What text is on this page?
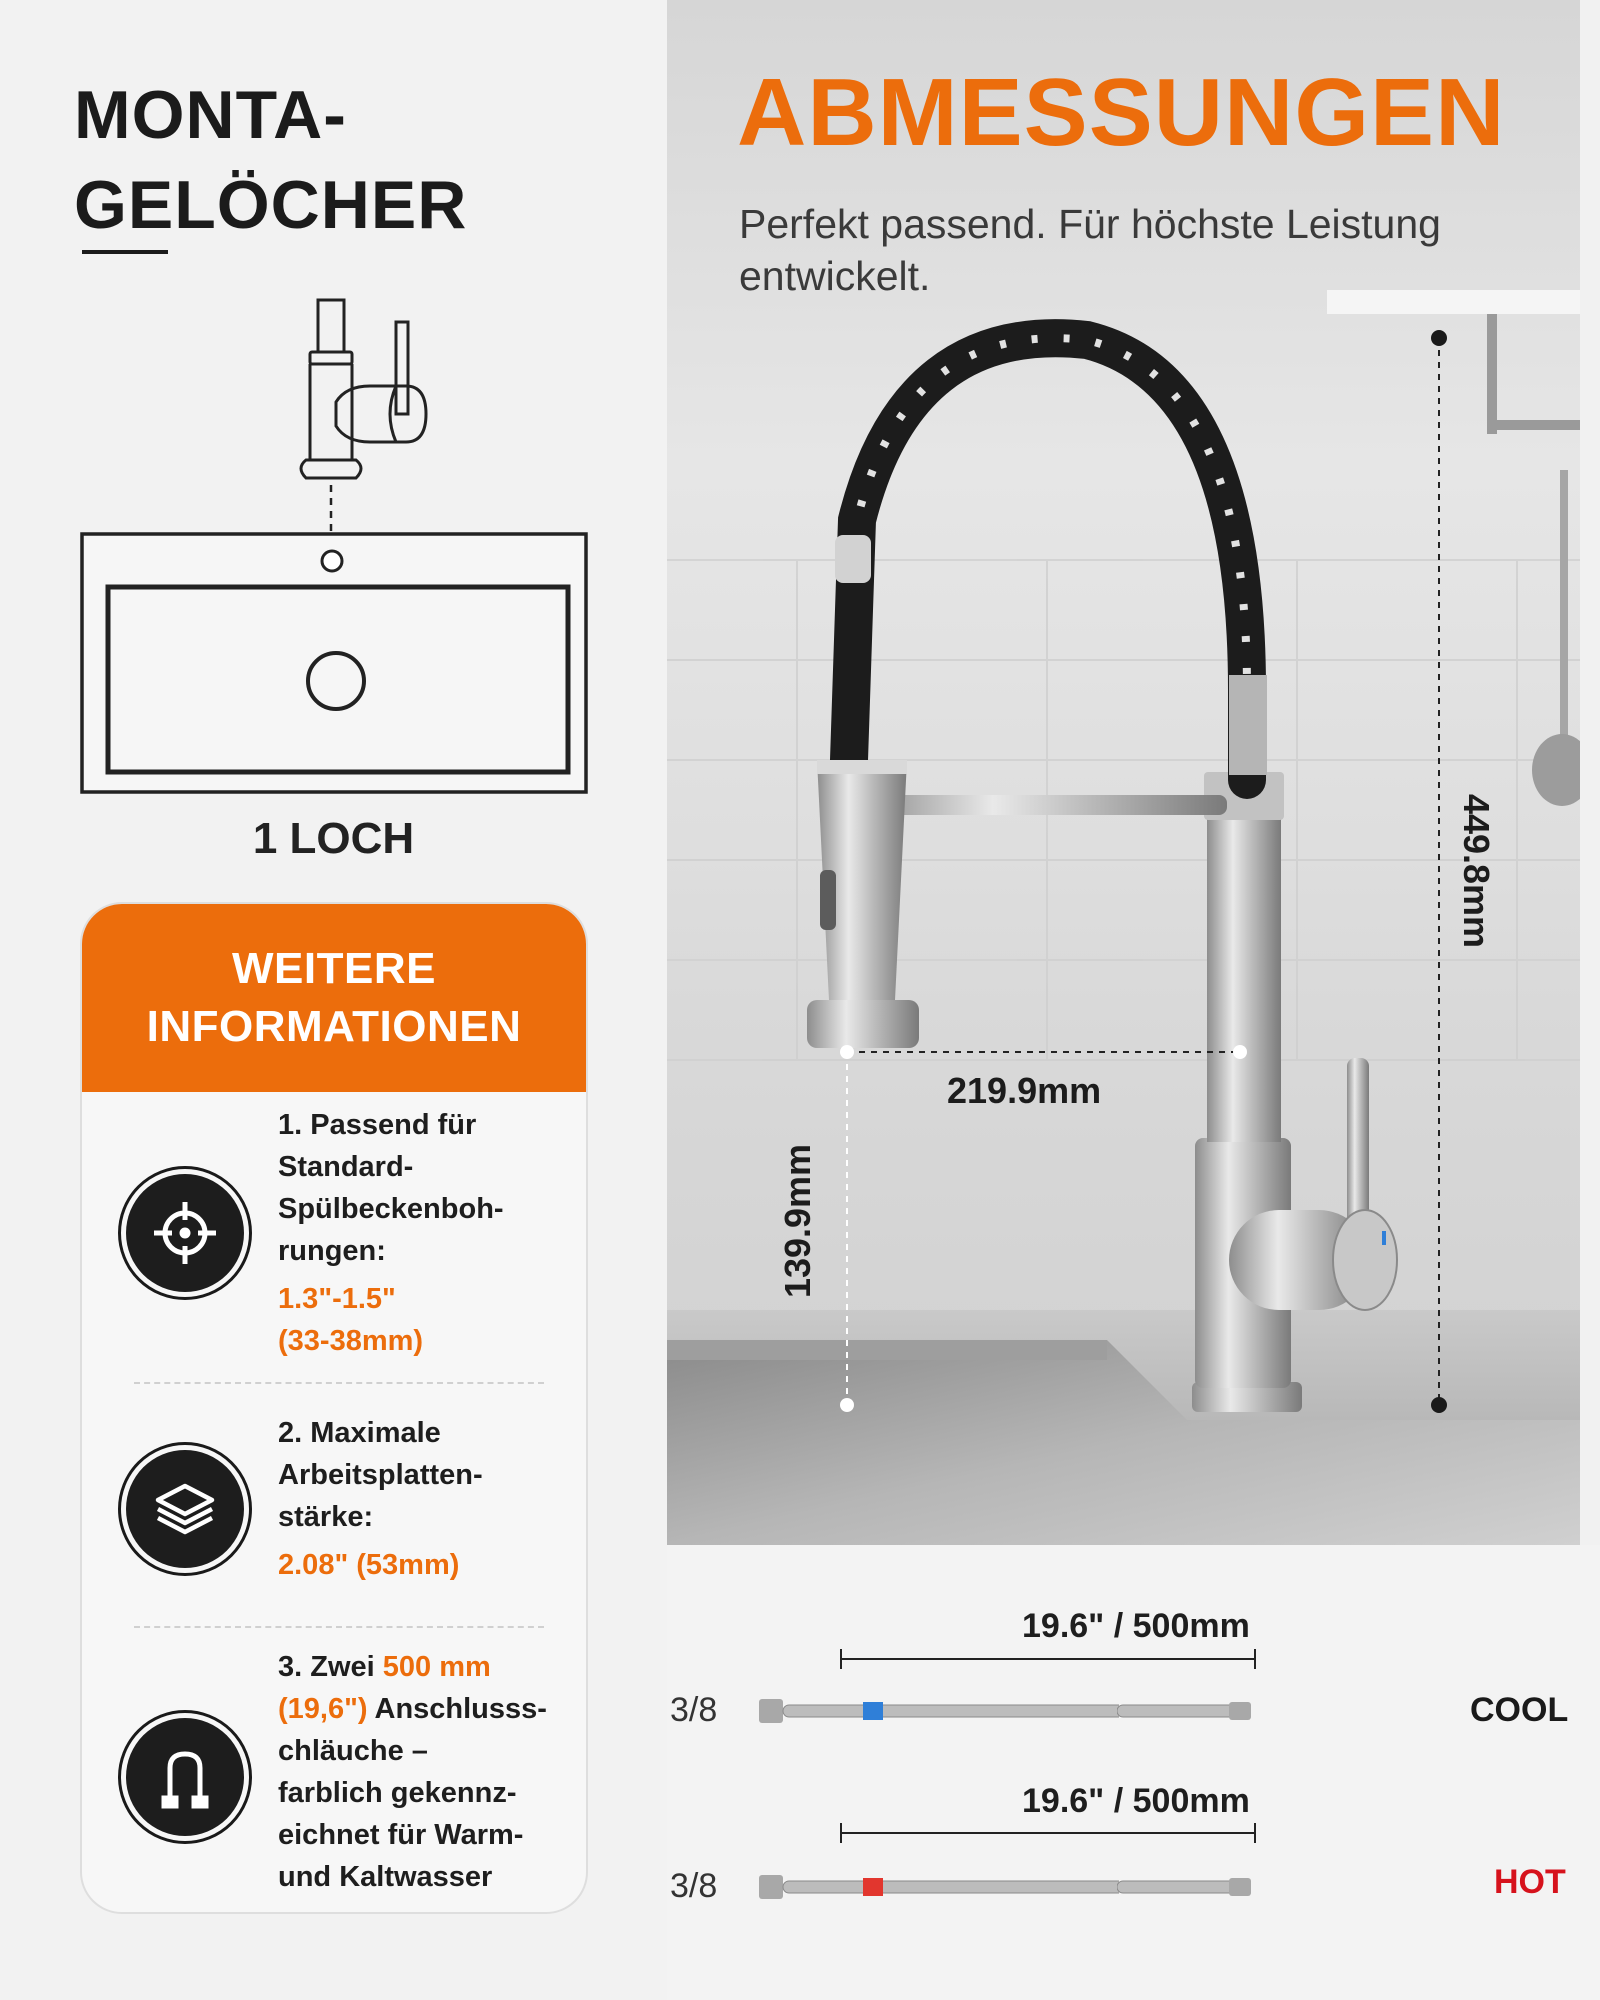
MONTA-
GELÖCHER
1 LOCH
WEITERE
INFORMATIONEN
1. Passend für
Standard-
Spülbeckenboh-
rungen:
1.3"-1.5"
(33-38mm)
2. Maximale
Arbeitsplatten-
stärke:
2.08" (53mm)
3. Zwei 500 mm
(19,6") Anschlusss-
chläuche –
farblich gekennz-
eichnet für Warm-
und Kaltwasser
ABMESSUNGEN
Perfekt passend. Für höchste Leistung entwickelt.
449.8mm
219.9mm
139.9mm
19.6" / 500mm
3/8	COOL
19.6" / 500mm
3/8	HOT
